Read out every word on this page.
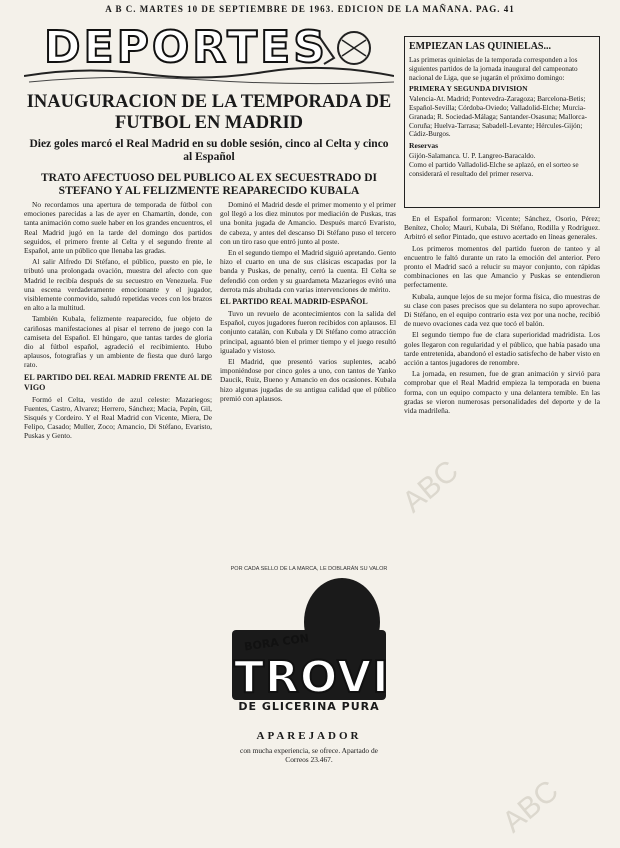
A B C. MARTES 10 DE SEPTIEMBRE DE 1963. EDICION DE LA MAÑANA. PAG. 41
DEPORTES
INAUGURACION DE LA TEMPORADA DE FUTBOL EN MADRID
Diez goles marcó el Real Madrid en su doble sesión, cinco al Celta y cinco al Español
TRATO AFECTUOSO DEL PUBLICO AL EX SECUESTRADO DI STEFANO Y AL FELIZMENTE REAPARECIDO KUBALA

No recordamos una apertura de temporada de fútbol con emociones parecidas a las de ayer en Chamartín, donde, con tanta animación como suele haber en los grandes encuentros, el Real Madrid jugó en la tarde del domingo dos partidos seguidos, el primero frente al Celta y el segundo frente al Español, ante un público que llenaba las gradas.

Al salir Alfredo Di Stéfano, el público, puesto en pie, le tributó una prolongada ovación, muestra del afecto con que Madrid le recibía después de su secuestro en Venezuela. Fue una escena verdaderamente emocionante y el jugador, visiblemente conmovido, saludó repetidas veces con los brazos en alto a la multitud.

También Kubala, felizmente reaparecido, fue objeto de cariñosas manifestaciones al pisar el terreno de juego con la camiseta del Español. El húngaro, que tantas tardes de gloria dio al fútbol español, agradeció el recibimiento. Hubo aplausos, fotografías y un ambiente de fiesta que duró largo rato.

EL PARTIDO DEL REAL MADRID FRENTE AL DE VIGO

Formó el Celta, vestido de azul celeste: Mazariegos; Fuentes, Castro, Alvarez; Herrero, Sánchez; Macia, Pepín, Gil, Sisqués y Cordeiro. Y el Real Madrid con Vicente, Miera, De Felipo, Casado; Muller, Zoco; Amancio, Di Stéfano, Evaristo, Puskas y Gento.

Dominó el Madrid desde el primer momento y el primer gol llegó a los diez minutos por mediación de Puskas, tras una bonita jugada de Amancio. Después marcó Evaristo, de cabeza, y antes del descanso Di Stéfano puso el tercero con un tiro raso que entró junto al poste.

En el segundo tiempo el Madrid siguió apretando. Gento hizo el cuarto en una de sus clásicas escapadas por la banda y Puskas, de penalty, cerró la cuenta. El Celta se defendió con orden y su guardameta Mazariegos evitó una derrota más abultada con varias intervenciones de mérito.

EL PARTIDO REAL MADRID-ESPAÑOL

Tuvo un revuelo de acontecimientos con la salida del Español, cuyos jugadores fueron recibidos con aplausos. El conjunto catalán, con Kubala y Di Stéfano como atracción principal, aguantó bien el primer tiempo y el juego resultó igualado y vistoso.

El Madrid, que presentó varios suplentes, acabó imponiéndose por cinco goles a uno, con tantos de Yanko Daucik, Ruiz, Bueno y Amancio en dos ocasiones. Kubala hizo algunas jugadas de su antigua calidad que el público premió con aplausos.

EMPIEZAN LAS QUINIELAS...

Las primeras quinielas de la temporada corresponden a los siguientes partidos de la jornada inaugural del campeonato nacional de Liga, que se jugarán el próximo domingo:

PRIMERA Y SEGUNDA DIVISION

Valencia-At. Madrid; Pontevedra-Zaragoza; Barcelona-Betis; Español-Sevilla; Córdoba-Oviedo; Valladolid-Elche; Murcia-Granada; R. Sociedad-Málaga; Santander-Osasuna; Mallorca-Coruña; Huelva-Tarrasa; Sabadell-Levante; Hércules-Gijón; Cádiz-Burgos.

Reservas

Gijón-Salamanca. U. P. Langreo-Baracaldo.

Como el partido Valladolid-Elche se aplazó, en el sorteo se considerará el resultado del primer reserva.

En el Español formaron: Vicente; Sánchez, Osorio, Pérez; Benítez, Cholo; Mauri, Kubala, Di Stéfano, Rodilla y Rodríguez. Arbitró el señor Pintado, que estuvo acertado en líneas generales.

Los primeros momentos del partido fueron de tanteo y al encuentro le faltó durante un rato la emoción del anterior. Pero pronto el Madrid sacó a relucir su mayor conjunto, con rápidas combinaciones en las que Amancio y Puskas se entendieron perfectamente.

Kubala, aunque lejos de su mejor forma física, dio muestras de su clase con pases precisos que su delantera no supo aprovechar. Di Stéfano, en el equipo contrario esta vez por una noche, recibió de nuevo ovaciones cada vez que tocó el balón.

El segundo tiempo fue de clara superioridad madridista. Los goles llegaron con regularidad y el público, que había pasado una tarde entretenida, abandonó el estadio satisfecho de haber visto en acción a tantos jugadores de renombre.

La jornada, en resumen, fue de gran animación y sirvió para comprobar que el Real Madrid empieza la temporada en buena forma, con un equipo compacto y una delantera temible. En las gradas se vieron numerosas personalidades del deporte y de la vida madrileña.

POR CADA SELLO DE LA MARCA, LE DOBLARÁN SU VALOR
BORA CON
TROVI
DE GLICERINA PURA
APAREJADOR
con mucha experiencia, se ofrece. Apartado de Correos 23.467.
ABC
ABC
